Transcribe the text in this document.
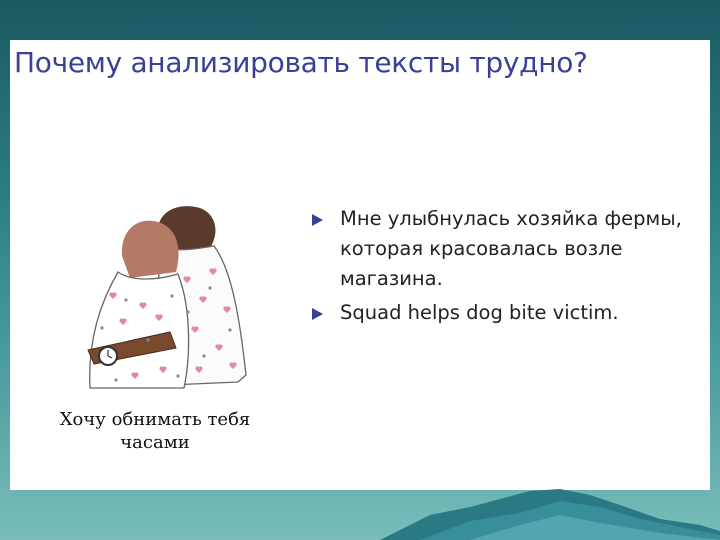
Почему анализировать тексты трудно?
Хочу обнимать тебя
часами
Мне улыбнулась хозяйка фермы, которая красовалась возле магазина.
Squad helps dog bite victim.
